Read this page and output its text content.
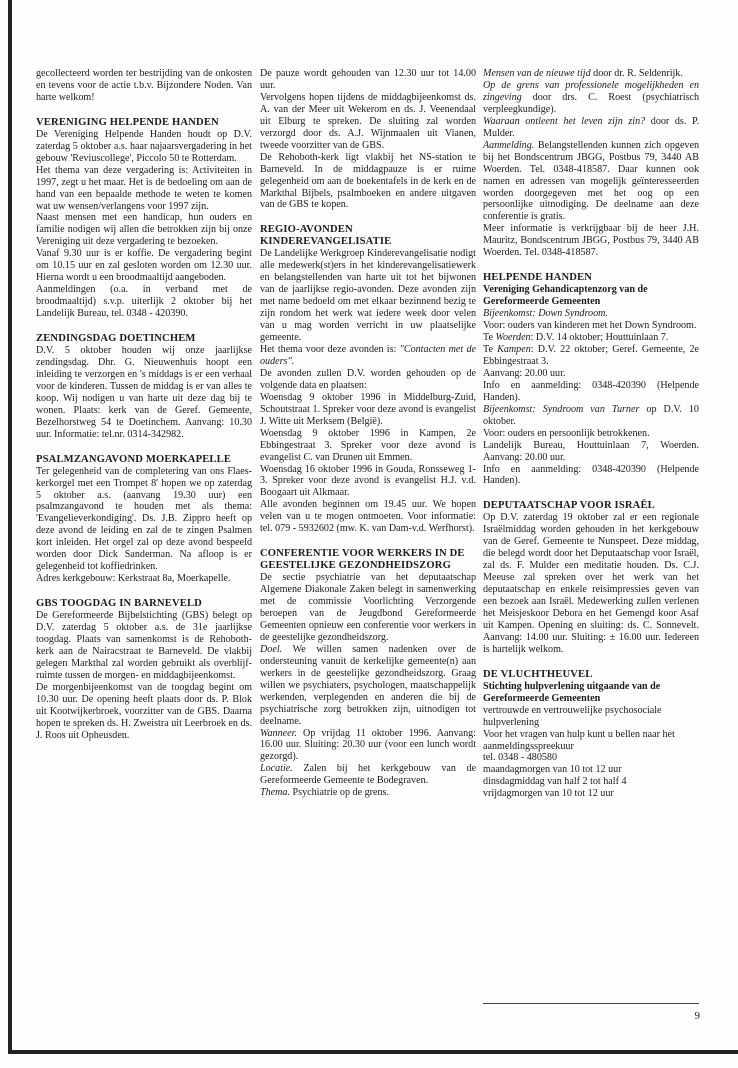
gecollecteerd worden ter bestrijding van de onkosten en tevens voor de actie t.b.v. Bijzondere Noden. Van harte welkom!

VERENIGING HELPENDE HANDEN

De Vereniging Helpende Handen houdt op D.V. zaterdag 5 oktober a.s. haar najaarsvergadering in het gebouw 'Reviuscollege', Piccolo 50 te Rotterdam.

Het thema van deze vergadering is: Activiteiten in 1997, zegt u het maar. Het is de bedoeling om aan de hand van een bepaalde methode te weten te komen wat uw wensen/verlangens voor 1997 zijn.

Naast mensen met een handicap, hun ouders en familie nodigen wij allen die betrokken zijn bij onze Vereniging uit deze vergadering te bezoeken.

Vanaf 9.30 uur is er koffie. De vergadering begint om 10.15 uur en zal gesloten worden om 12.30 uur. Hierna wordt u een broodmaaltijd aangeboden.

Aanmeldingen (o.a. in verband met de broodmaaltijd) s.v.p. uiterlijk 2 oktober bij het Landelijk Bureau, tel. 0348 - 420390.

ZENDINGSDAG DOETINCHEM

D.V. 5 oktober houden wij onze jaarlijkse zendingsdag. Dhr. G. Nieuwenhuis hoopt een inleiding te verzorgen en 's middags is er een verhaal voor de kinderen. Tussen de middag is er van alles te koop. Wij nodigen u van harte uit deze dag bij te wonen. Plaats: kerk van de Geref. Gemeente, Bezelhorstweg 54 te Doetinchem. Aanvang: 10.30 uur. Informatie: tel.nr. 0314-342982.

PSALMZANGAVOND MOERKAPELLE

Ter gelegenheid van de completering van ons Flaes-kerkorgel met een Trompet 8' hopen we op zaterdag 5 oktober a.s. (aanvang 19.30 uur) een psalmzangavond te houden met als thema: 'Evangelieverkondiging'. Ds. J.B. Zippro heeft op deze avond de leiding en zal de te zingen Psalmen kort inleiden. Het orgel zal op deze avond bespeeld worden door Dick Sanderman. Na afloop is er gelegenheid tot koffiedrinken.

Adres kerkgebouw: Kerkstraat 8a, Moerkapelle.

GBS TOOGDAG IN BARNEVELD

De Gereformeerde Bijbelstichting (GBS) belegt op D.V. zaterdag 5 oktober a.s. de 31e jaarlijkse toogdag. Plaats van samenkomst is de Rehoboth-kerk aan de Nairacstraat te Barneveld. De vlakbij gelegen Markthal zal worden gebruikt als overblijf-ruimte tussen de morgen- en middagbijeenkomst.

De morgenbijeenkomst van de toogdag begint om 10.30 uur. De opening heeft plaats door ds. P. Blok uit Kootwijkerbroek, voorzitter van de GBS. Daarna hopen te spreken ds. H. Zweistra uit Leerbroek en ds. J. Roos uit Opheusden.

De pauze wordt gehouden van 12.30 uur tot 14.00 uur.

Vervolgens hopen tijdens de middagbijeenkomst ds. A. van der Meer uit Wekerom en ds. J. Veenendaal uit Elburg te spreken. De sluiting zal worden verzorgd door ds. A.J. Wijnmaalen uit Vianen, tweede voorzitter van de GBS.

De Rehoboth-kerk ligt vlakbij het NS-station te Barneveld. In de middagpauze is er ruime gelegenheid om aan de boekentafels in de kerk en de Markthal Bijbels, psalmboeken en andere uitgaven van de GBS te kopen.

REGIO-AVONDEN KINDEREVANGELISATIE

De Landelijke Werkgroep Kinderevangelisatie nodigt alle medewerk(st)ers in het kinderevangelisatiewerk en belangstellenden van harte uit tot het bijwonen van de jaarlijkse regio-avonden. Deze avonden zijn met name bedoeld om met elkaar bezinnend bezig te zijn rondom het werk wat iedere week door velen van u mag worden verricht in uw plaatselijke gemeente.

Het thema voor deze avonden is: "Contacten met de ouders".

De avonden zullen D.V. worden gehouden op de volgende data en plaatsen:

Woensdag 9 oktober 1996 in Middelburg-Zuid, Schoutstraat 1. Spreker voor deze avond is evangelist J. Witte uit Merksem (België).

Woensdag 9 oktober 1996 in Kampen, 2e Ebbingestraat 3. Spreker voor deze avond is evangelist C. van Drunen uit Emmen.

Woensdag 16 oktober 1996 in Gouda, Ronsseweg 1-3. Spreker voor deze avond is evangelist H.J. v.d. Boogaart uit Alkmaar.

Alle avonden beginnen om 19.45 uur. We hopen velen van u te mogen ontmoeten. Voor informatie: tel. 079 - 5932602 (mw. K. van Dam-v.d. Werfhorst).

CONFERENTIE VOOR WERKERS IN DE GEESTELIJKE GEZONDHEIDSZORG

De sectie psychiatrie van het deputaatschap Algemene Diakonale Zaken belegt in samenwerking met de commissie Voorlichting Verzorgende beroepen van de Jeugdbond Gereformeerde Gemeenten opnieuw een conferentie voor werkers in de geestelijke gezondheidszorg.

Doel. We willen samen nadenken over de ondersteuning vanuit de kerkelijke gemeente(n) aan werkers in de geestelijke gezondheidszorg. Graag willen we psychiaters, psychologen, maatschappelijk werkenden, verplegenden en anderen die bij de psychiatrische zorg betrokken zijn, uitnodigen tot deelname.

Wanneer. Op vrijdag 11 oktober 1996. Aanvang: 16.00 uur. Sluiting: 20.30 uur (voor een lunch wordt gezorgd).

Locatie. Zalen bij het kerkgebouw van de Gereformeerde Gemeente te Bodegraven.

Thema. Psychiatrie op de grens.

Mensen van de nieuwe tijd door dr. R. Seldenrijk.

Op de grens van professionele mogelijkheden en zingeving door drs. C. Roest (psychiatrisch verpleegkundige).

Waaraan ontleent het leven zijn zin? door ds. P. Mulder.

Aanmelding. Belangstellenden kunnen zich opgeven bij het Bondscentrum JBGG, Postbus 79, 3440 AB Woerden. Tel. 0348-418587. Daar kunnen ook namen en adressen van mogelijk geïnteresseerden worden doorgegeven met het oog op een persoonlijke uitnodiging. De deelname aan deze conferentie is gratis.

Meer informatie is verkrijgbaar bij de heer J.H. Mauritz, Bondscentrum JBGG, Postbus 79, 3440 AB Woerden. Tel. 0348-418587.

HELPENDE HANDEN
Vereniging Gehandicaptenzorg van de Gereformeerde Gemeenten

Bijeenkomst: Down Syndroom.

Voor: ouders van kinderen met het Down Syndroom.

Te Woerden: D.V. 14 oktober; Houttuinlaan 7.

Te Kampen: D.V. 22 oktober; Geref. Gemeente, 2e Ebbingestraat 3.

Aanvang: 20.00 uur.

Info en aanmelding: 0348-420390 (Helpende Handen).

Bijeenkomst: Syndroom van Turner op D.V. 10 oktober.

Voor: ouders en persoonlijk betrokkenen.

Landelijk Bureau, Houttuinlaan 7, Woerden. Aanvang: 20.00 uur.

Info en aanmelding: 0348-420390 (Helpende Handen).

DEPUTAATSCHAP VOOR ISRAËL

Op D.V. zaterdag 19 oktober zal er een regionale Israëlmiddag worden gehouden in het kerkgebouw van de Geref. Gemeente te Nunspeet. Deze middag, die belegd wordt door het Deputaatschap voor Israël, zal ds. F. Mulder een meditatie houden. Ds. C.J. Meeuse zal spreken over het werk van het deputaatschap en enkele reisimpressies geven van een bezoek aan Israël. Medewerking zullen verlenen het Meisjeskoor Debora en het Gemengd koor Asaf uit Kampen. Opening en sluiting: ds. C. Sonnevelt. Aanvang: 14.00 uur. Sluiting: ± 16.00 uur. Iedereen is hartelijk welkom.

DE VLUCHTHEUVEL
Stichting hulpverlening uitgaande van de Gereformeerde Gemeenten

vertrouwde en vertrouwelijke psychosociale hulpverlening

Voor het vragen van hulp kunt u bellen naar het aanmeldingsspreekuur

tel. 0348 - 480580

maandagmorgen van 10 tot 12 uur

dinsdagmiddag van half 2 tot half 4

vrijdagmorgen van 10 tot 12 uur

9
